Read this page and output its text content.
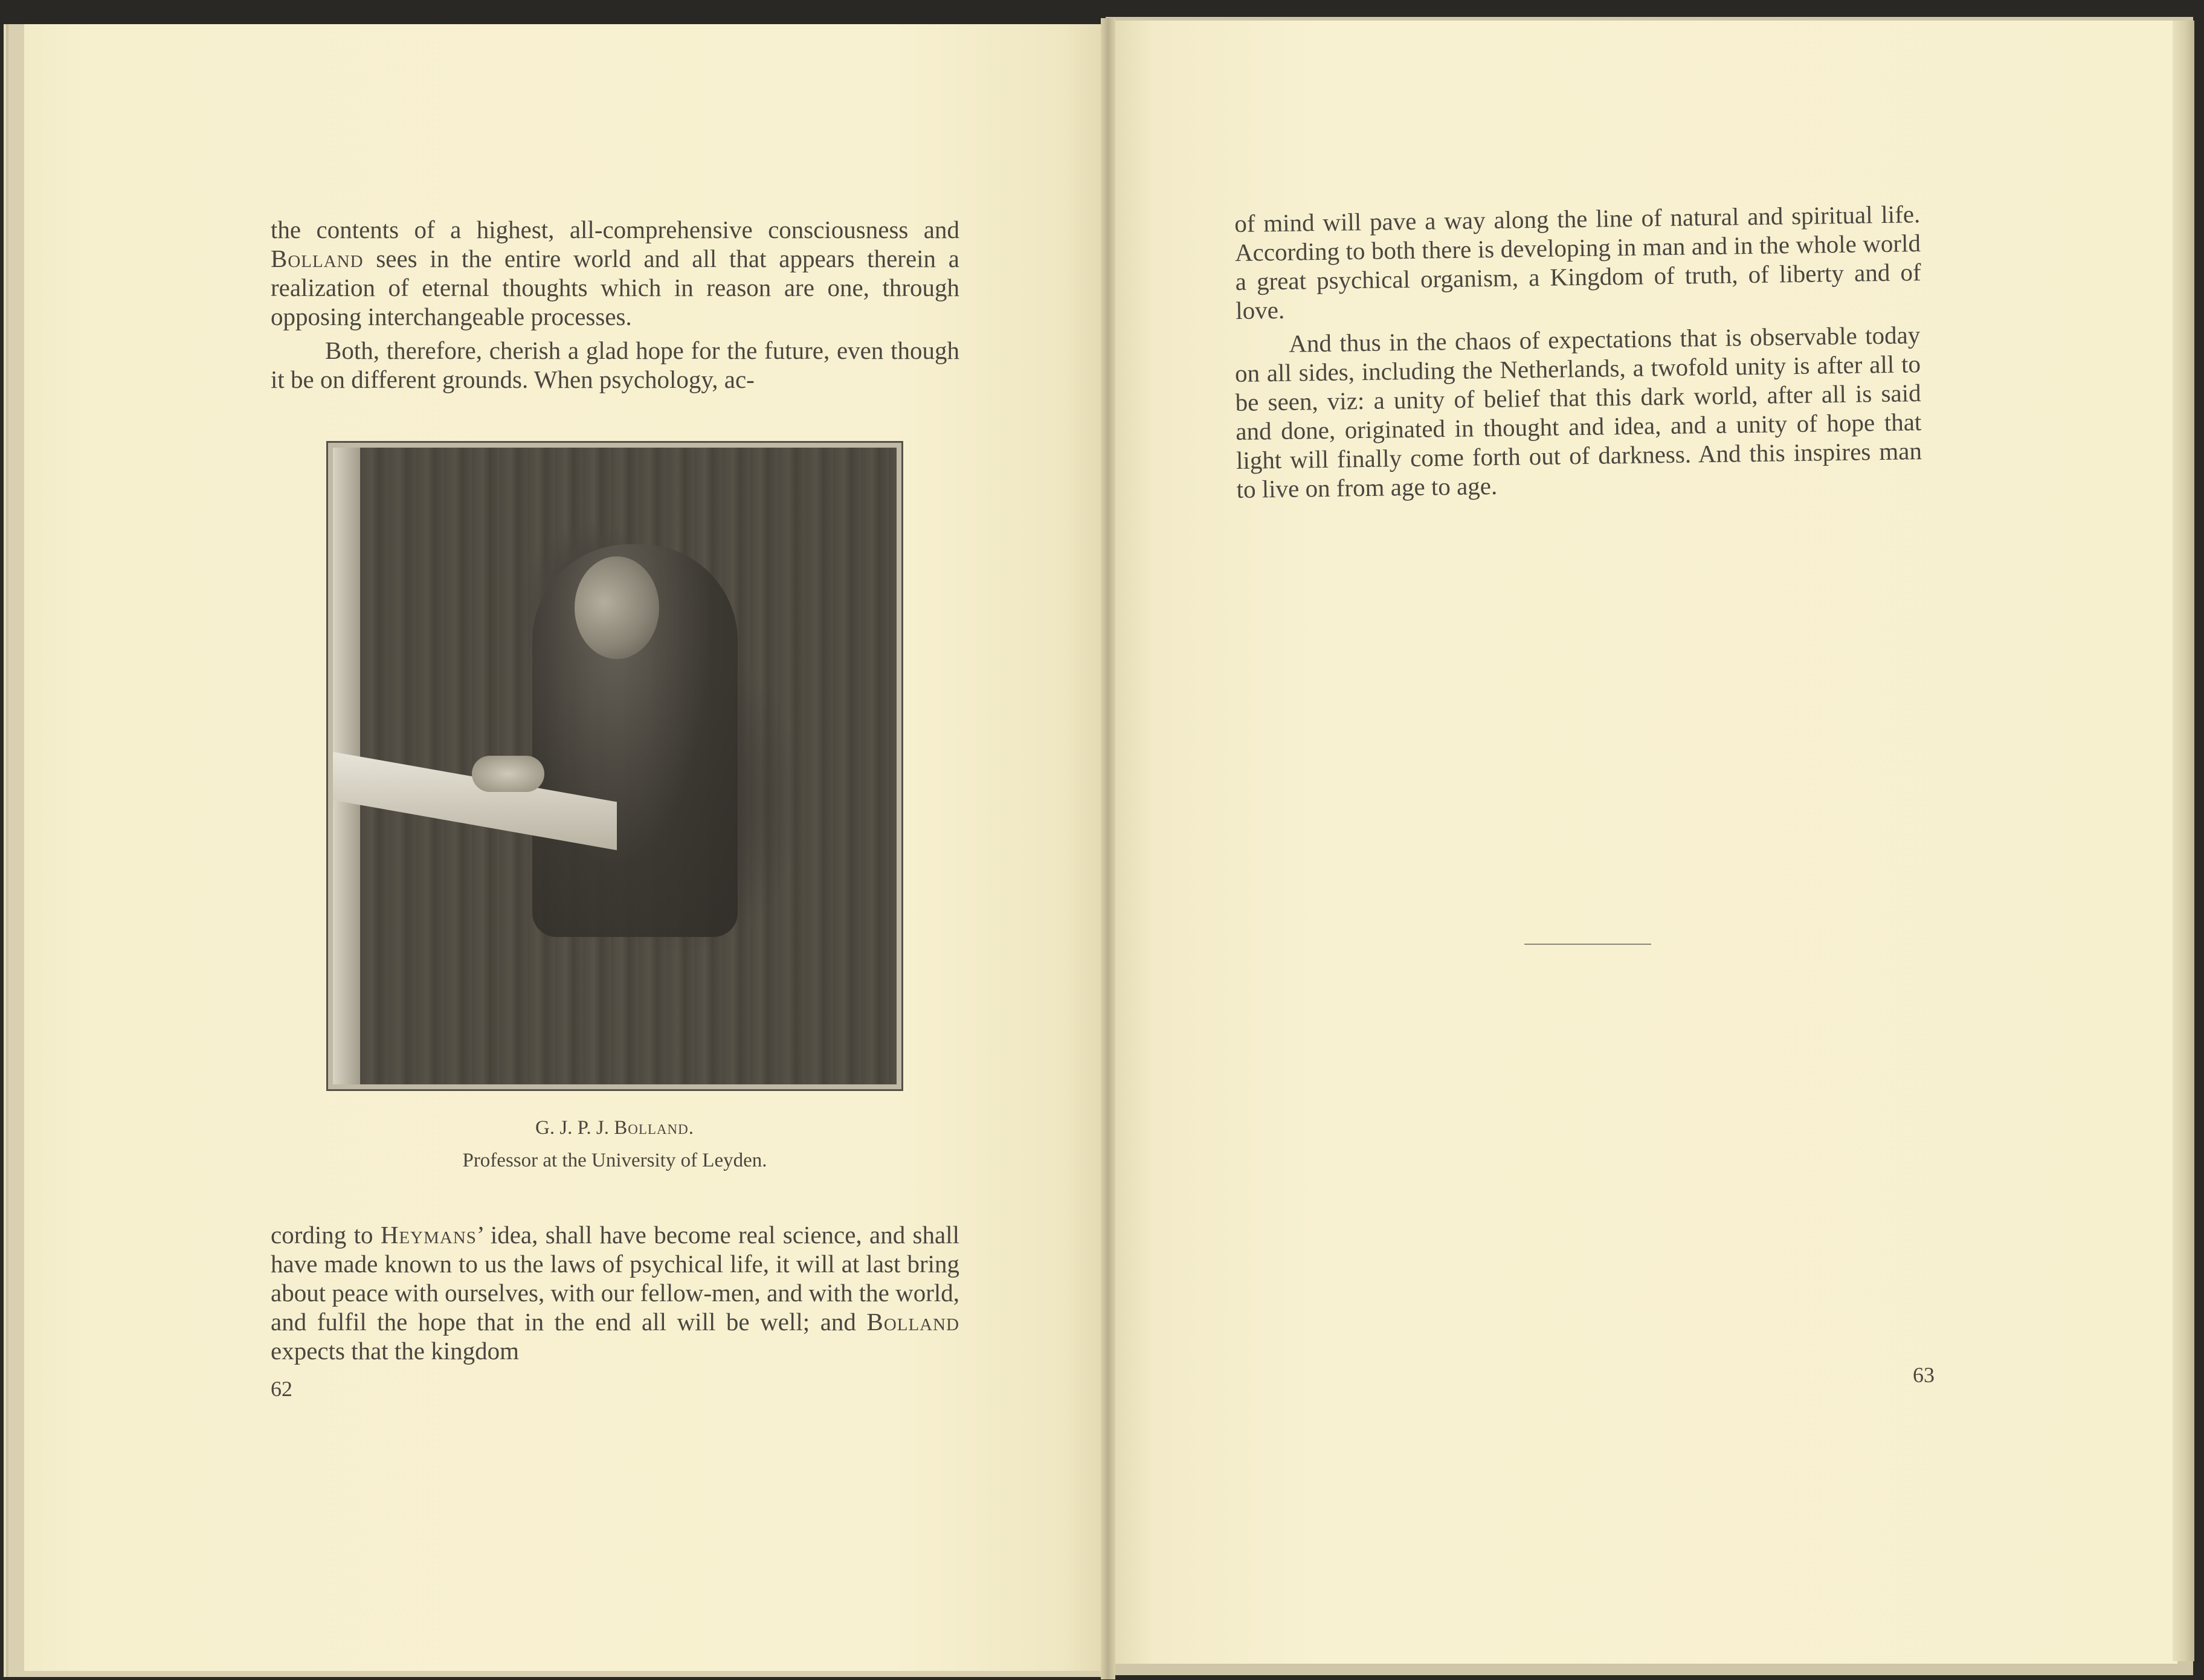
the contents of a highest, all-comprehensive consciousness and Bolland sees in the entire world and all that appears therein a realization of eternal thoughts which in reason are one, through opposing interchangeable processes.

Both, therefore, cherish a glad hope for the future, even though it be on different grounds. When psychology, ac-

G. J. P. J. Bolland.

Professor at the University of Leyden.

cording to Heymans’ idea, shall have become real science, and shall have made known to us the laws of psychical life, it will at last bring about peace with ourselves, with our fellow-men, and with the world, and fulfil the hope that in the end all will be well; and Bolland expects that the kingdom

62

of mind will pave a way along the line of natural and spiritual life. According to both there is developing in man and in the whole world a great psychical organism, a Kingdom of truth, of liberty and of love.

And thus in the chaos of expectations that is observable today on all sides, including the Netherlands, a twofold unity is after all to be seen, viz: a unity of belief that this dark world, after all is said and done, originated in thought and idea, and a unity of hope that light will finally come forth out of darkness. And this inspires man to live on from age to age.

63
